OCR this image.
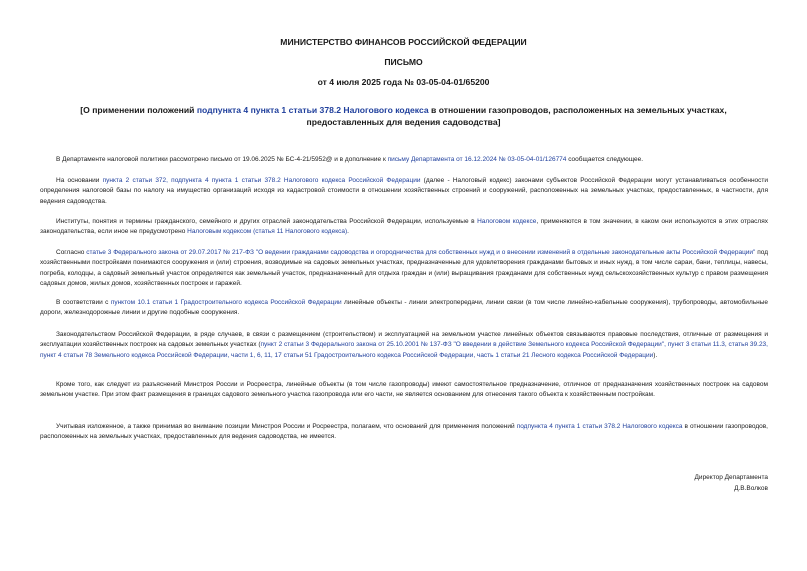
МИНИСТЕРСТВО ФИНАНСОВ РОССИЙСКОЙ ФЕДЕРАЦИИ
ПИСЬМО
от 4 июля 2025 года № 03-05-04-01/65200
[О применении положений подпункта 4 пункта 1 статьи 378.2 Налогового кодекса в отношении газопроводов, расположенных на земельных участках, предоставленных для ведения садоводства]

В Департаменте налоговой политики рассмотрено письмо от 19.06.2025 № БС-4-21/5952@ и в дополнение к письму Департамента от 16.12.2024 № 03-05-04-01/126774 сообщается следующее.

На основании пункта 2 статьи 372, подпункта 4 пункта 1 статьи 378.2 Налогового кодекса Российской Федерации (далее - Налоговый кодекс) законами субъектов Российской Федерации могут устанавливаться особенности определения налоговой базы по налогу на имущество организаций исходя из кадастровой стоимости в отношении хозяйственных строений и сооружений, расположенных на земельных участках, предоставленных, в частности, для ведения садоводства.

Институты, понятия и термины гражданского, семейного и других отраслей законодательства Российской Федерации, используемые в Налоговом кодексе, применяются в том значении, в каком они используются в этих отраслях законодательства, если иное не предусмотрено Налоговым кодексом (статья 11 Налогового кодекса).

Согласно статье 3 Федерального закона от 29.07.2017 № 217-ФЗ "О ведении гражданами садоводства и огородничества для собственных нужд и о внесении изменений в отдельные законодательные акты Российской Федерации" под хозяйственными постройками понимаются сооружения и (или) строения, возводимые на садовых земельных участках, предназначенные для удовлетворения гражданами бытовых и иных нужд, в том числе сараи, бани, теплицы, навесы, погреба, колодцы, а садовый земельный участок определяется как земельный участок, предназначенный для отдыха граждан и (или) выращивания гражданами для собственных нужд сельскохозяйственных культур с правом размещения садовых домов, жилых домов, хозяйственных построек и гаражей.

В соответствии с пунктом 10.1 статьи 1 Градостроительного кодекса Российской Федерации линейные объекты - линии электропередачи, линии связи (в том числе линейно-кабельные сооружения), трубопроводы, автомобильные дороги, железнодорожные линии и другие подобные сооружения.

Законодательством Российской Федерации, в ряде случаев, в связи с размещением (строительством) и эксплуатацией на земельном участке линейных объектов связываются правовые последствия, отличные от размещения и эксплуатации хозяйственных построек на садовых земельных участках (пункт 2 статьи 3 Федерального закона от 25.10.2001 № 137-ФЗ "О введении в действие Земельного кодекса Российской Федерации", пункт 3 статьи 11.3, статья 39.23, пункт 4 статьи 78 Земельного кодекса Российской Федерации, части 1, 6, 11, 17 статьи 51 Градостроительного кодекса Российской Федерации, часть 1 статьи 21 Лесного кодекса Российской Федерации).

Кроме того, как следует из разъяснений Минстроя России и Росреестра, линейные объекты (в том числе газопроводы) имеют самостоятельное предназначение, отличное от предназначения хозяйственных построек на садовом земельном участке. При этом факт размещения в границах садового земельного участка газопровода или его части, не является основанием для отнесения такого объекта к хозяйственным постройкам.

Учитывая изложенное, а также принимая во внимание позиции Минстроя России и Росреестра, полагаем, что оснований для применения положений подпункта 4 пункта 1 статьи 378.2 Налогового кодекса в отношении газопроводов, расположенных на земельных участках, предоставленных для ведения садоводства, не имеется.

Директор Департамента
Д.В.Волков
